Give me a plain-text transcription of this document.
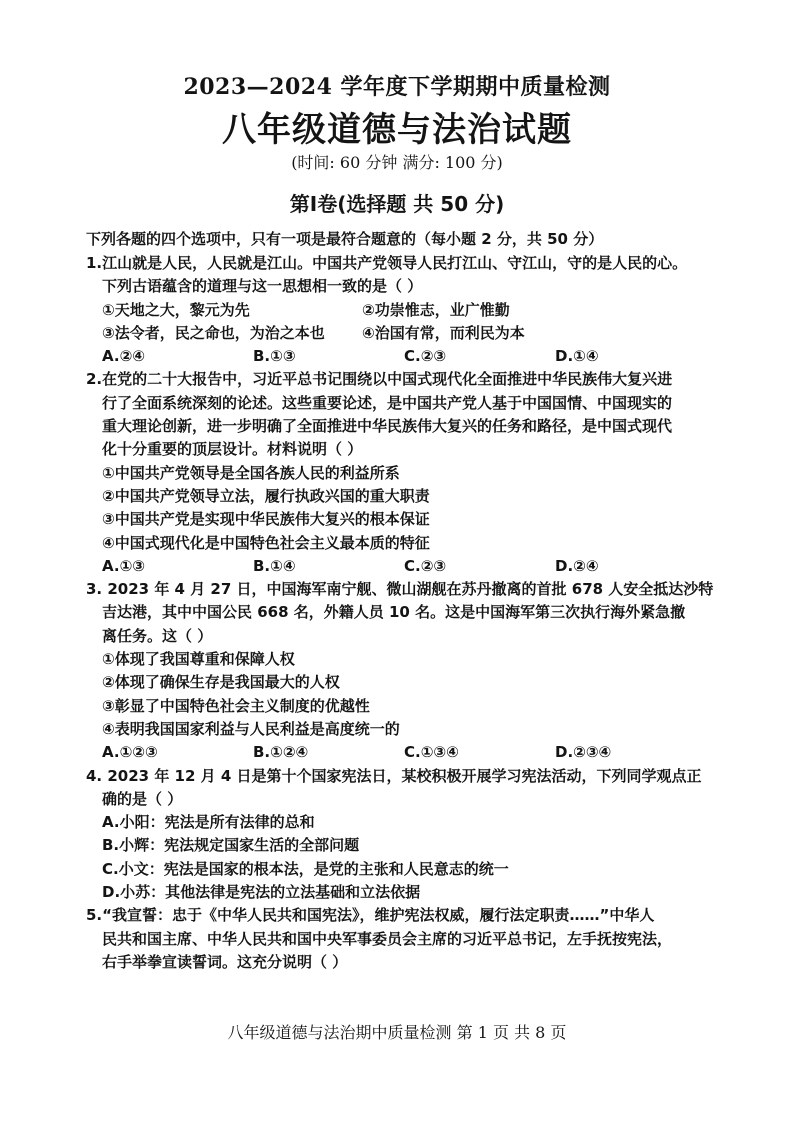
2023—2024 学年度下学期期中质量检测
八年级道德与法治试题
(时间: 60 分钟 满分: 100 分)
第Ⅰ卷(选择题 共 50 分)
下列各题的四个选项中，只有一项是最符合题意的（每小题 2 分，共 50 分）
1.江山就是人民，人民就是江山。中国共产党领导人民打江山、守江山，守的是人民的心。
下列古语蕴含的道理与这一思想相一致的是（ ）
①天地之大，黎元为先	②功崇惟志，业广惟勤
③法令者，民之命也，为治之本也	④治国有常，而利民为本
A.②④	B.①③	C.②③	D.①④
2.在党的二十大报告中，习近平总书记围绕以中国式现代化全面推进中华民族伟大复兴进
行了全面系统深刻的论述。这些重要论述，是中国共产党人基于中国国情、中国现实的
重大理论创新，进一步明确了全面推进中华民族伟大复兴的任务和路径，是中国式现代
化十分重要的顶层设计。材料说明（ ）
①中国共产党领导是全国各族人民的利益所系
②中国共产党领导立法，履行执政兴国的重大职责
③中国共产党是实现中华民族伟大复兴的根本保证
④中国式现代化是中国特色社会主义最本质的特征
A.①③	B.①④	C.②③	D.②④
3. 2023 年 4 月 27 日，中国海军南宁舰、微山湖舰在苏丹撤离的首批 678 人安全抵达沙特
吉达港，其中中国公民 668 名，外籍人员 10 名。这是中国海军第三次执行海外紧急撤
离任务。这（ ）
①体现了我国尊重和保障人权
②体现了确保生存是我国最大的人权
③彰显了中国特色社会主义制度的优越性
④表明我国国家利益与人民利益是高度统一的
A.①②③	B.①②④	C.①③④	D.②③④
4. 2023 年 12 月 4 日是第十个国家宪法日，某校积极开展学习宪法活动，下列同学观点正
确的是（ ）
A.小阳：宪法是所有法律的总和
B.小辉：宪法规定国家生活的全部问题
C.小文：宪法是国家的根本法，是党的主张和人民意志的统一
D.小苏：其他法律是宪法的立法基础和立法依据
5.“我宣誓：忠于《中华人民共和国宪法》，维护宪法权威，履行法定职责……”中华人
民共和国主席、中华人民共和国中央军事委员会主席的习近平总书记，左手抚按宪法，
右手举拳宣读誓词。这充分说明（ ）
八年级道德与法治期中质量检测 第 1 页 共 8 页
